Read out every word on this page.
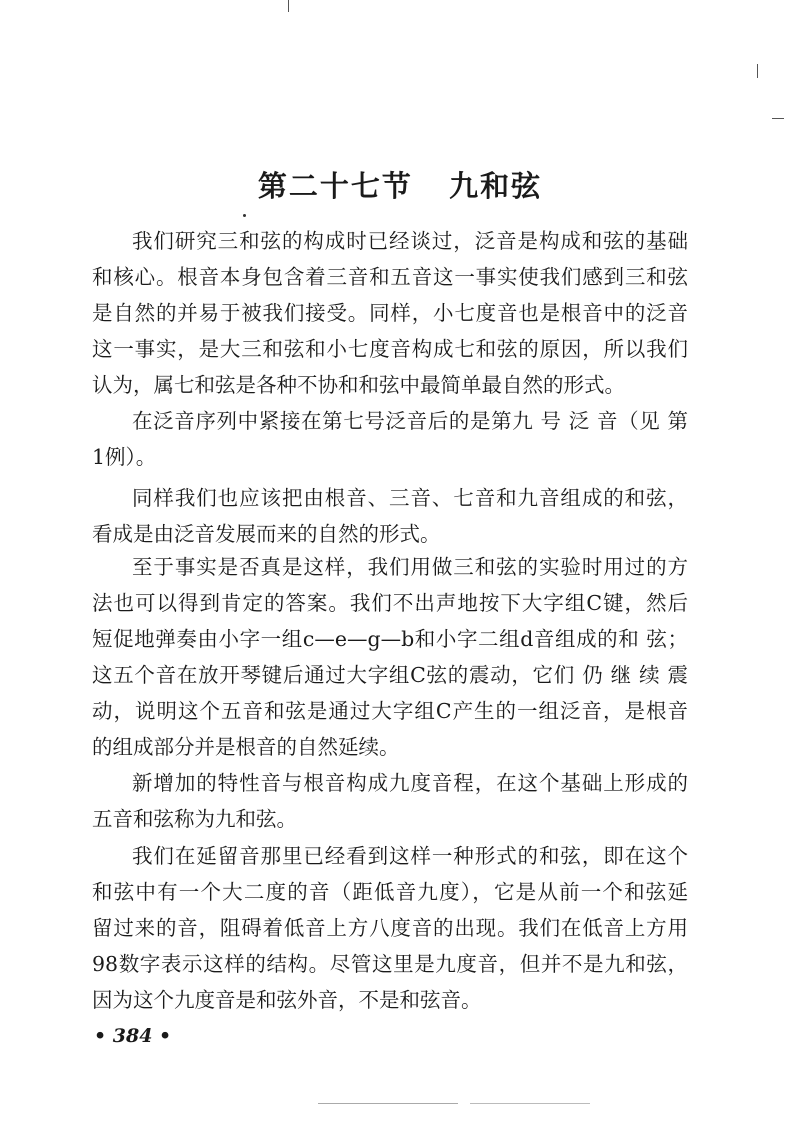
第二十七节   九和弦
我们研究三和弦的构成时已经谈过，泛音是构成和弦的基础
和核心。根音本身包含着三音和五音这一事实使我们感到三和弦
是自然的并易于被我们接受。同样，小七度音也是根音中的泛音
这一事实，是大三和弦和小七度音构成七和弦的原因，所以我们
认为，属七和弦是各种不协和和弦中最简单最自然的形式。
在泛音序列中紧接在第七号泛音后的是第九 号 泛 音（见 第
1例）。
同样我们也应该把由根音、三音、七音和九音组成的和弦，
看成是由泛音发展而来的自然的形式。
至于事实是否真是这样，我们用做三和弦的实验时用过的方
法也可以得到肯定的答案。我们不出声地按下大字组C键，然后
短促地弹奏由小字一组c—e—g—b和小字二组d音组成的和 弦；
这五个音在放开琴键后通过大字组C弦的震动，它们 仍 继 续 震
动，说明这个五音和弦是通过大字组C产生的一组泛音，是根音
的组成部分并是根音的自然延续。
新增加的特性音与根音构成九度音程，在这个基础上形成的
五音和弦称为九和弦。
我们在延留音那里已经看到这样一种形式的和弦，即在这个
和弦中有一个大二度的音（距低音九度），它是从前一个和弦延
留过来的音，阻碍着低音上方八度音的出现。我们在低音上方用
98数字表示这样的结构。尽管这里是九度音，但并不是九和弦，
因为这个九度音是和弦外音，不是和弦音。
• 384 •
